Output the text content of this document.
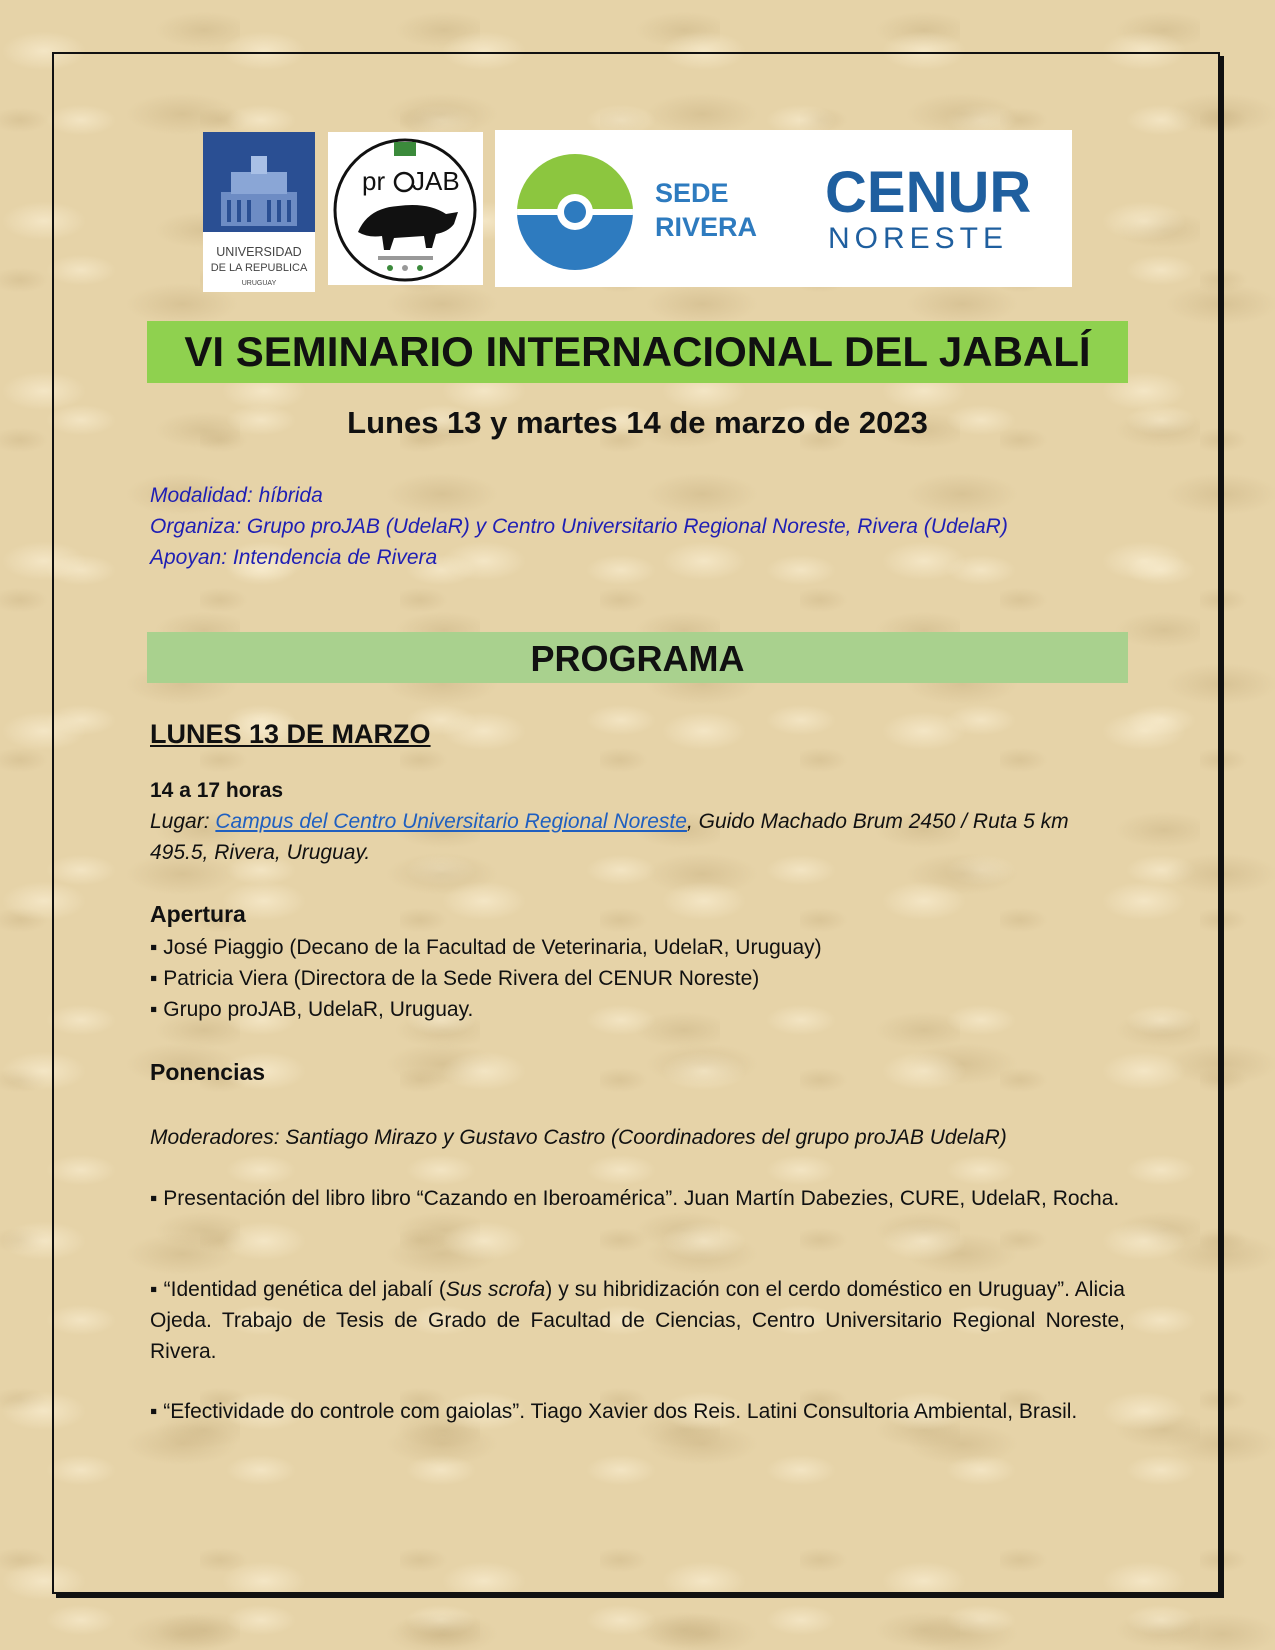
UNIVERSIDAD
DE LA REPUBLICA
URUGUAY
pr JAB	SEDE
RIVERA
CENUR
NORESTE
VI SEMINARIO INTERNACIONAL DEL JABALÍ
Lunes 13 y martes 14 de marzo de 2023
Modalidad: híbrida
Organiza: Grupo proJAB (UdelaR) y Centro Universitario Regional Noreste, Rivera (UdelaR)
Apoyan: Intendencia de Rivera
PROGRAMA
LUNES 13 DE MARZO
14 a 17 horas
Lugar: Campus del Centro Universitario Regional Noreste, Guido Machado Brum 2450 / Ruta 5 km 495.5, Rivera, Uruguay.
Apertura
▪ José Piaggio (Decano de la Facultad de Veterinaria, UdelaR, Uruguay)
▪ Patricia Viera (Directora de la Sede Rivera del CENUR Noreste)
▪ Grupo proJAB, UdelaR, Uruguay.
Ponencias
Moderadores: Santiago Mirazo y Gustavo Castro (Coordinadores del grupo proJAB UdelaR)
▪ Presentación del libro libro “Cazando en Iberoamérica”. Juan Martín Dabezies, CURE, UdelaR, Rocha.
▪ “Identidad genética del jabalí (Sus scrofa) y su hibridización con el cerdo doméstico en Uruguay”. Alicia Ojeda. Trabajo de Tesis de Grado de Facultad de Ciencias, Centro Universitario Regional Noreste, Rivera.
▪ “Efectividade do controle com gaiolas”. Tiago Xavier dos Reis. Latini Consultoria Ambiental, Brasil.
